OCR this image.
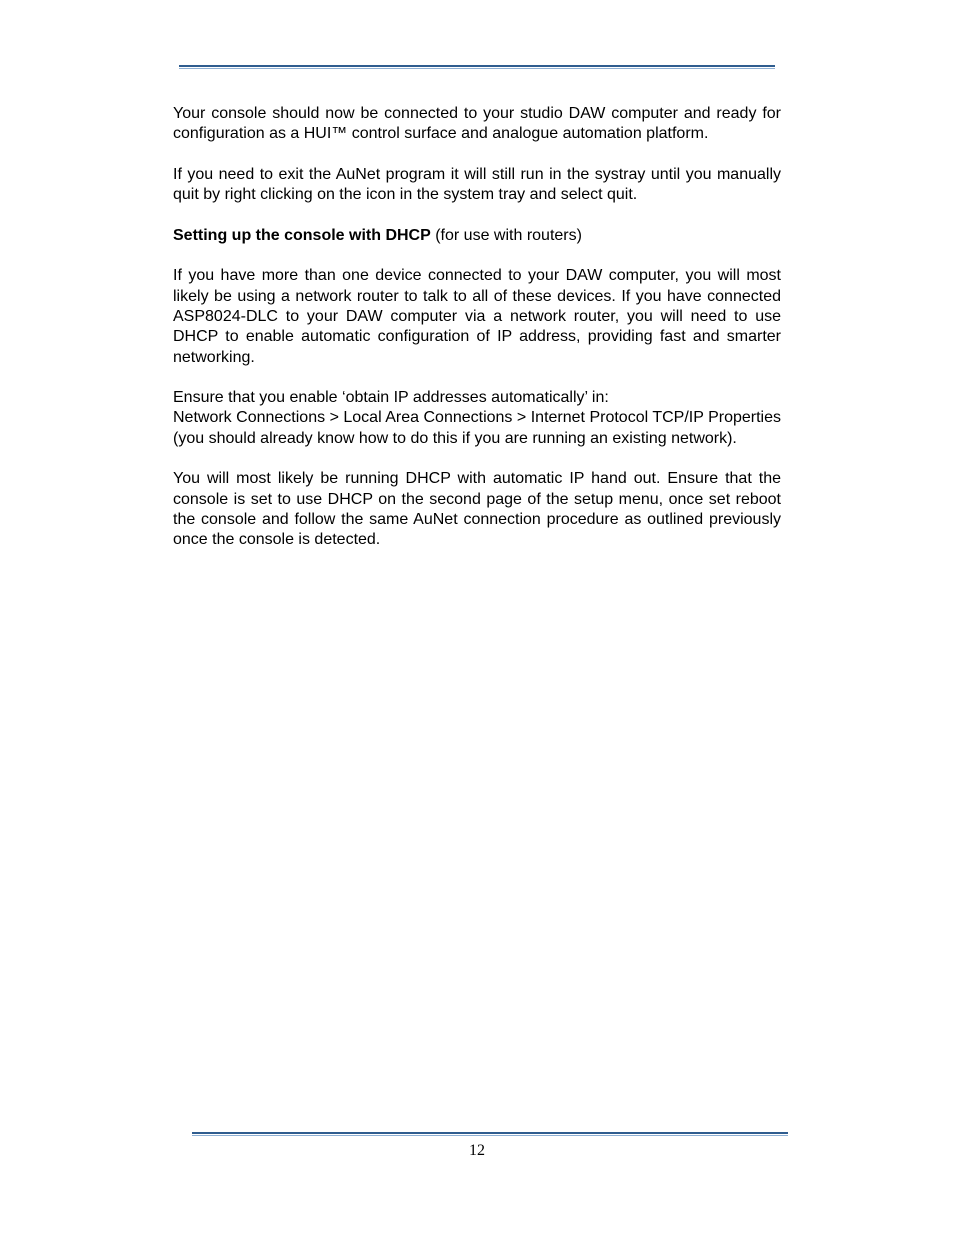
Your console should now be connected to your studio DAW computer and ready for configuration as a HUI™ control surface and analogue automation platform.

If you need to exit the AuNet program it will still run in the systray until you manually quit by right clicking on the icon in the system tray and select quit.

Setting up the console with DHCP (for use with routers)

If you have more than one device connected to your DAW computer, you will most likely be using a network router to talk to all of these devices. If you have connected ASP8024-DLC to your DAW computer via a network router, you will need to use DHCP to enable automatic configuration of IP address, providing fast and smarter networking.

Ensure that you enable ‘obtain IP addresses automatically’ in:
Network Connections > Local Area Connections > Internet Protocol TCP/IP Properties (you should already know how to do this if you are running an existing network).

You will most likely be running DHCP with automatic IP hand out. Ensure that the console is set to use DHCP on the second page of the setup menu, once set reboot the console and follow the same AuNet connection procedure as outlined previously once the console is detected.

12
